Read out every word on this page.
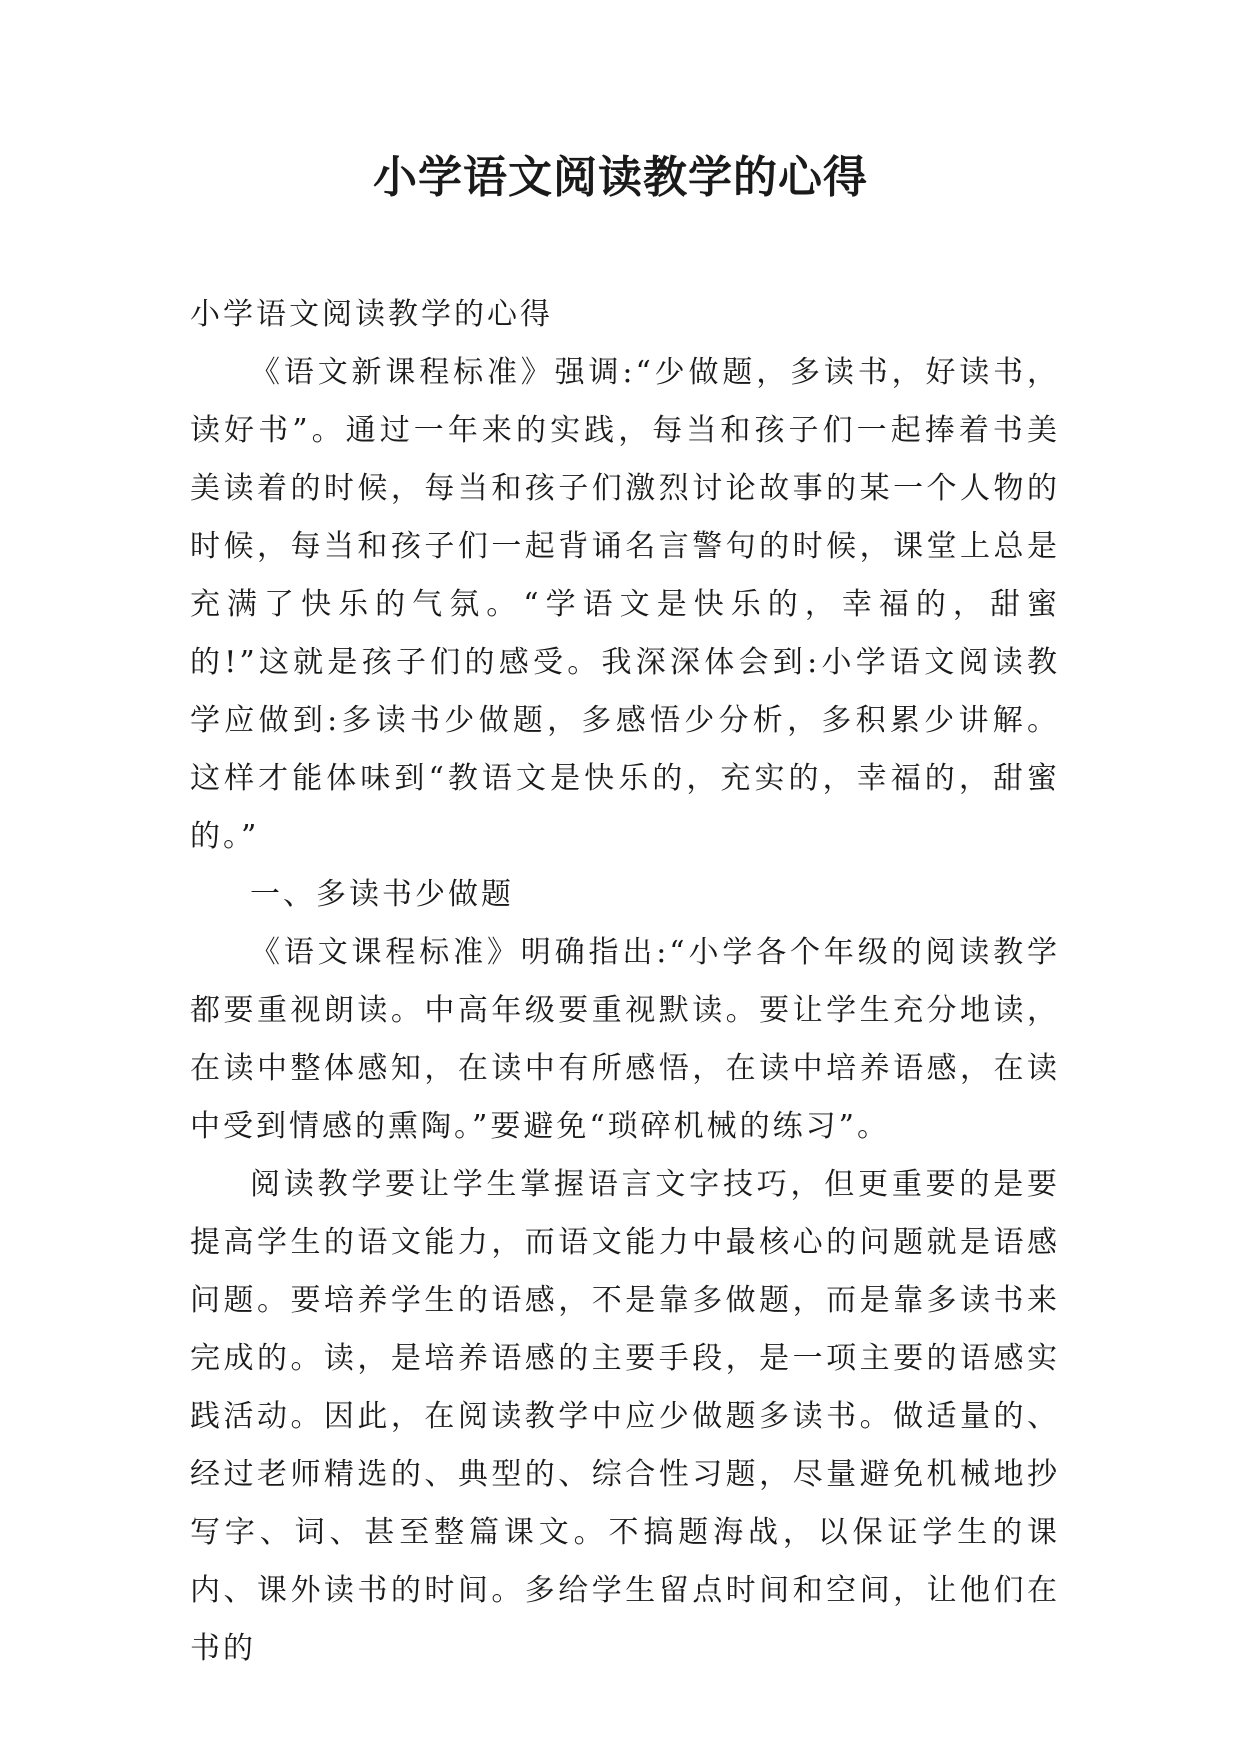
小学语文阅读教学的心得

小学语文阅读教学的心得

《语文新课程标准》强调:“少做题，多读书，好读书，读好书”。通过一年来的实践，每当和孩子们一起捧着书美美读着的时候，每当和孩子们激烈讨论故事的某一个人物的时候，每当和孩子们一起背诵名言警句的时候，课堂上总是充满了快乐的气氛。“学语文是快乐的，幸福的，甜蜜的!”这就是孩子们的感受。我深深体会到:小学语文阅读教学应做到:多读书少做题，多感悟少分析，多积累少讲解。这样才能体味到“教语文是快乐的，充实的，幸福的，甜蜜的。”

一、多读书少做题

《语文课程标准》明确指出:“小学各个年级的阅读教学都要重视朗读。中高年级要重视默读。要让学生充分地读，在读中整体感知，在读中有所感悟，在读中培养语感，在读中受到情感的熏陶。”要避免“琐碎机械的练习”。

阅读教学要让学生掌握语言文字技巧，但更重要的是要提高学生的语文能力，而语文能力中最核心的问题就是语感问题。要培养学生的语感，不是靠多做题，而是靠多读书来完成的。读，是培养语感的主要手段，是一项主要的语感实践活动。因此，在阅读教学中应少做题多读书。做适量的、经过老师精选的、典型的、综合性习题，尽量避免机械地抄写字、词、甚至整篇课文。不搞题海战，以保证学生的课内、课外读书的时间。多给学生留点时间和空间，让他们在书的
